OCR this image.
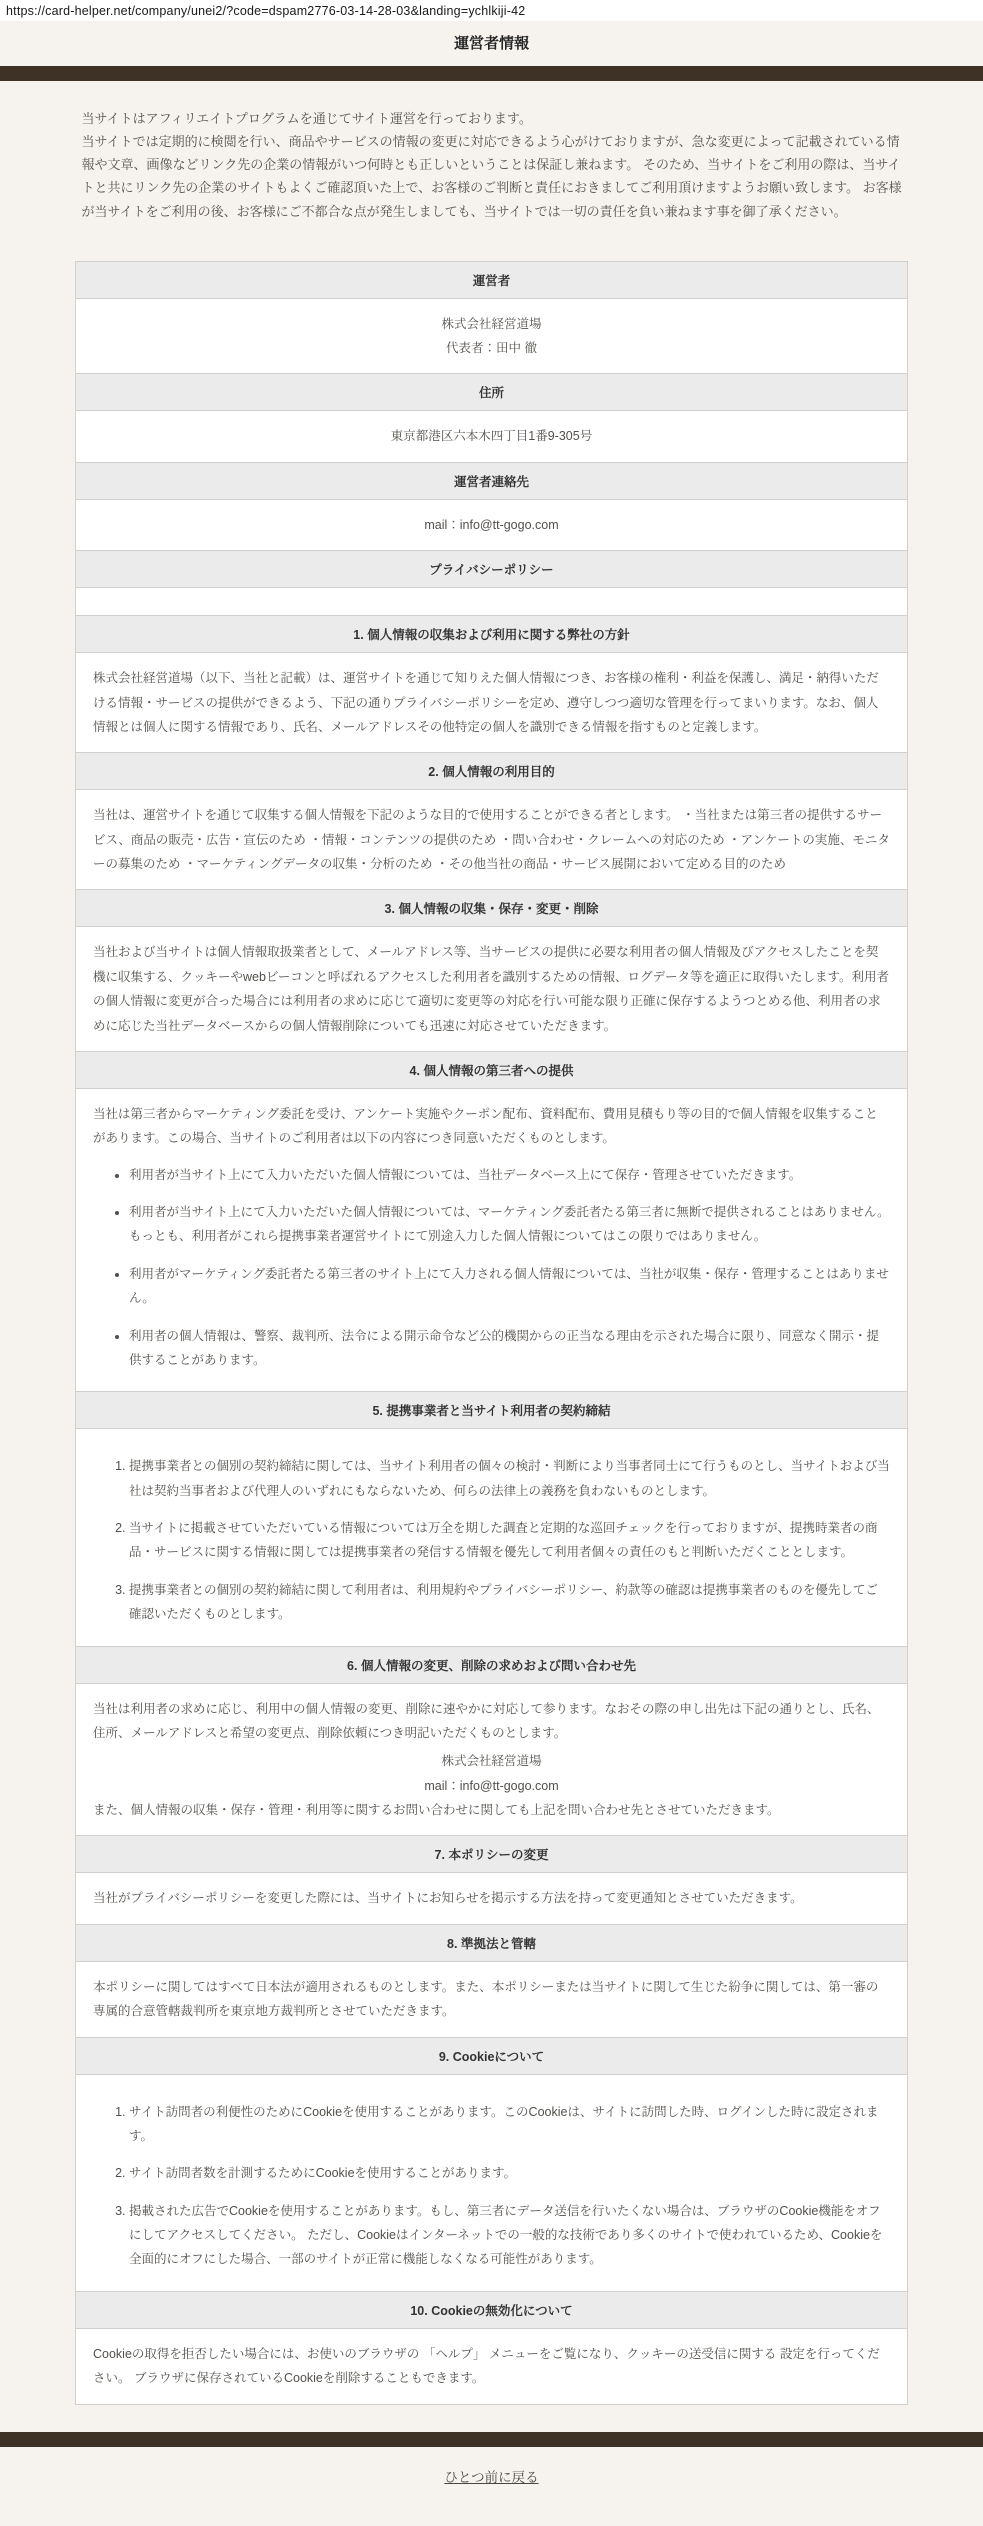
https://card-helper.net/company/unei2/?code=dspam2776-03-14-28-03&landing=ychlkiji-42
運営者情報

当サイトはアフィリエイトプログラムを通じてサイト運営を行っております。

当サイトでは定期的に検閲を行い、商品やサービスの情報の変更に対応できるよう心がけておりますが、急な変更によって記載されている情報や文章、画像などリンク先の企業の情報がいつ何時とも正しいということは保証し兼ねます。 そのため、当サイトをご利用の際は、当サイトと共にリンク先の企業のサイトもよくご確認頂いた上で、お客様のご判断と責任におきましてご利用頂けますようお願い致します。 お客様が当サイトをご利用の後、お客様にご不都合な点が発生しましても、当サイトでは一切の責任を負い兼ねます事を御了承ください。

運営者

株式会社経営道場

代表者：田中 徹

住所

東京都港区六本木四丁目1番9-305号

運営者連絡先

mail：info@tt-gogo.com

プライバシーポリシー

1. 個人情報の収集および利用に関する弊社の方針

株式会社経営道場（以下、当社と記載）は、運営サイトを通じて知りえた個人情報につき、お客様の権利・利益を保護し、満足・納得いただける情報・サービスの提供ができるよう、下記の通りプライバシーポリシーを定め、遵守しつつ適切な管理を行ってまいります。なお、個人情報とは個人に関する情報であり、氏名、メールアドレスその他特定の個人を識別できる情報を指すものと定義します。

2. 個人情報の利用目的

当社は、運営サイトを通じて収集する個人情報を下記のような目的で使用することができる者とします。 ・当社または第三者の提供するサービス、商品の販売・広告・宣伝のため ・情報・コンテンツの提供のため ・問い合わせ・クレームへの対応のため ・アンケートの実施、モニターの募集のため ・マーケティングデータの収集・分析のため ・その他当社の商品・サービス展開において定める目的のため

3. 個人情報の収集・保存・変更・削除

当社および当サイトは個人情報取扱業者として、メールアドレス等、当サービスの提供に必要な利用者の個人情報及びアクセスしたことを契機に収集する、クッキーやwebビーコンと呼ばれるアクセスした利用者を識別するための情報、ログデータ等を適正に取得いたします。利用者の個人情報に変更が合った場合には利用者の求めに応じて適切に変更等の対応を行い可能な限り正確に保存するようつとめる他、利用者の求めに応じた当社データベースからの個人情報削除についても迅速に対応させていただきます。

4. 個人情報の第三者への提供

当社は第三者からマーケティング委託を受け、アンケート実施やクーポン配布、資料配布、費用見積もり等の目的で個人情報を収集することがあります。この場合、当サイトのご利用者は以下の内容につき同意いただくものとします。

• 利用者が当サイト上にて入力いただいた個人情報については、当社データベース上にて保存・管理させていただきます。
• 利用者が当サイト上にて入力いただいた個人情報については、マーケティング委託者たる第三者に無断で提供されることはありません。もっとも、利用者がこれら提携事業者運営サイトにて別途入力した個人情報についてはこの限りではありません。
• 利用者がマーケティング委託者たる第三者のサイト上にて入力される個人情報については、当社が収集・保存・管理することはありません。
• 利用者の個人情報は、警察、裁判所、法令による開示命令など公的機関からの正当なる理由を示された場合に限り、同意なく開示・提供することがあります。

5. 提携事業者と当サイト利用者の契約締結

1. 提携事業者との個別の契約締結に関しては、当サイト利用者の個々の検討・判断により当事者同士にて行うものとし、当サイトおよび当社は契約当事者および代理人のいずれにもならないため、何らの法律上の義務を負わないものとします。
2. 当サイトに掲載させていただいている情報については万全を期した調査と定期的な巡回チェックを行っておりますが、提携時業者の商品・サービスに関する情報に関しては提携事業者の発信する情報を優先して利用者個々の責任のもと判断いただくこととします。
3. 提携事業者との個別の契約締結に関して利用者は、利用規約やプライバシーポリシー、約款等の確認は提携事業者のものを優先してご確認いただくものとします。

6. 個人情報の変更、削除の求めおよび問い合わせ先

当社は利用者の求めに応じ、利用中の個人情報の変更、削除に速やかに対応して参ります。なおその際の申し出先は下記の通りとし、氏名、住所、メールアドレスと希望の変更点、削除依頼につき明記いただくものとします。

株式会社経営道場

mail：info@tt-gogo.com

また、個人情報の収集・保存・管理・利用等に関するお問い合わせに関しても上記を問い合わせ先とさせていただきます。

7. 本ポリシーの変更

当社がプライバシーポリシーを変更した際には、当サイトにお知らせを掲示する方法を持って変更通知とさせていただきます。

8. 準拠法と管轄

本ポリシーに関してはすべて日本法が適用されるものとします。また、本ポリシーまたは当サイトに関して生じた紛争に関しては、第一審の専属的合意管轄裁判所を東京地方裁判所とさせていただきます。

9. Cookieについて

1. サイト訪問者の利便性のためにCookieを使用することがあります。このCookieは、サイトに訪問した時、ログインした時に設定されます。
2. サイト訪問者数を計測するためにCookieを使用することがあります。
3. 掲載された広告でCookieを使用することがあります。もし、第三者にデータ送信を行いたくない場合は、ブラウザのCookie機能をオフにしてアクセスしてください。 ただし、Cookieはインターネットでの一般的な技術であり多くのサイトで使われているため、Cookieを全面的にオフにした場合、一部のサイトが正常に機能しなくなる可能性があります。

10. Cookieの無効化について

Cookieの取得を拒否したい場合には、お使いのブラウザの 「ヘルプ」 メニューをご覧になり、クッキーの送受信に関する 設定を行ってください。 ブラウザに保存されているCookieを削除することもできます。

ひとつ前に戻る
